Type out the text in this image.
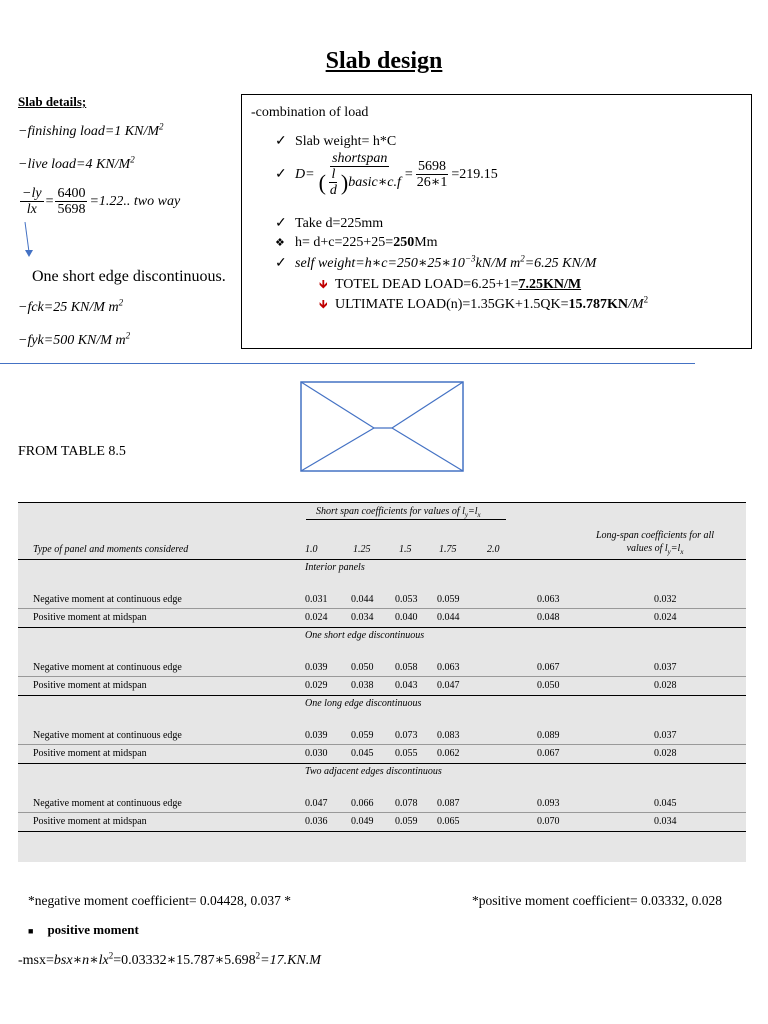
Slab design
Slab details;
−finishing load=1 $KN/M^2$
−live load=4 $KN/M^2$
$\frac{-ly}{lx} = \frac{6400}{5698} =1.22$.. two way
One short edge discontinuous.
−fck=25 KN/M $m^2$
−fyk=500 KN/M $m^2$
-combination of load
✓ Slab weight= h*C
✓ $D= \frac{\text{shortspan}}{( \frac{l}{d} ) basic∗c.f} = \frac{5698}{26∗1} =219.15$
✓ Take d=225mm
❖ h= d+c=225+25=250Mm
✓ self $weight=h∗c=250∗25∗10^{-3}kN/M$ $m^2=6.25$ KN/M
🡻 TOTEL DEAD LOAD=6.25+1=7.25KN/M
🡻 ULTIMATE $LOAD(n)=1.35GK+1.5QK=15.787KN/M^2$
FROM TABLE 8.5
Short span coefficients for values of $l_y=l_x$
Type of panel and moments considered	1.0	1.25	1.5	1.75	2.0
Long-span coefficients for all
values of $l_y=l_x$
Interior panels
Negative moment at continuous edge	0.031 0.044 0.053 0.059	0.063	0.032
Positive moment at midspan	0.024 0.034 0.040 0.044	0.048	0.024
One short edge discontinuous
Negative moment at continuous edge	0.039 0.050 0.058 0.063	0.067	0.037
Positive moment at midspan	0.029 0.038 0.043 0.047	0.050	0.028
One long edge discontinuous
Negative moment at continuous edge	0.039 0.059 0.073 0.083	0.089	0.037
Positive moment at midspan	0.030 0.045 0.055 0.062	0.067	0.028
Two adjacent edges discontinuous
Negative moment at continuous edge	0.047 0.066 0.078 0.087	0.093	0.045
Positive moment at midspan	0.036 0.049 0.059 0.065	0.070	0.034
*negative moment coefficient= 0.04428, 0.037 *	*positive moment coefficient= 0.03332, 0.028
■ positive moment
$-msx=bsx∗n∗lx^2=0.03332∗15.787∗5.698^2=17.KN.M$
